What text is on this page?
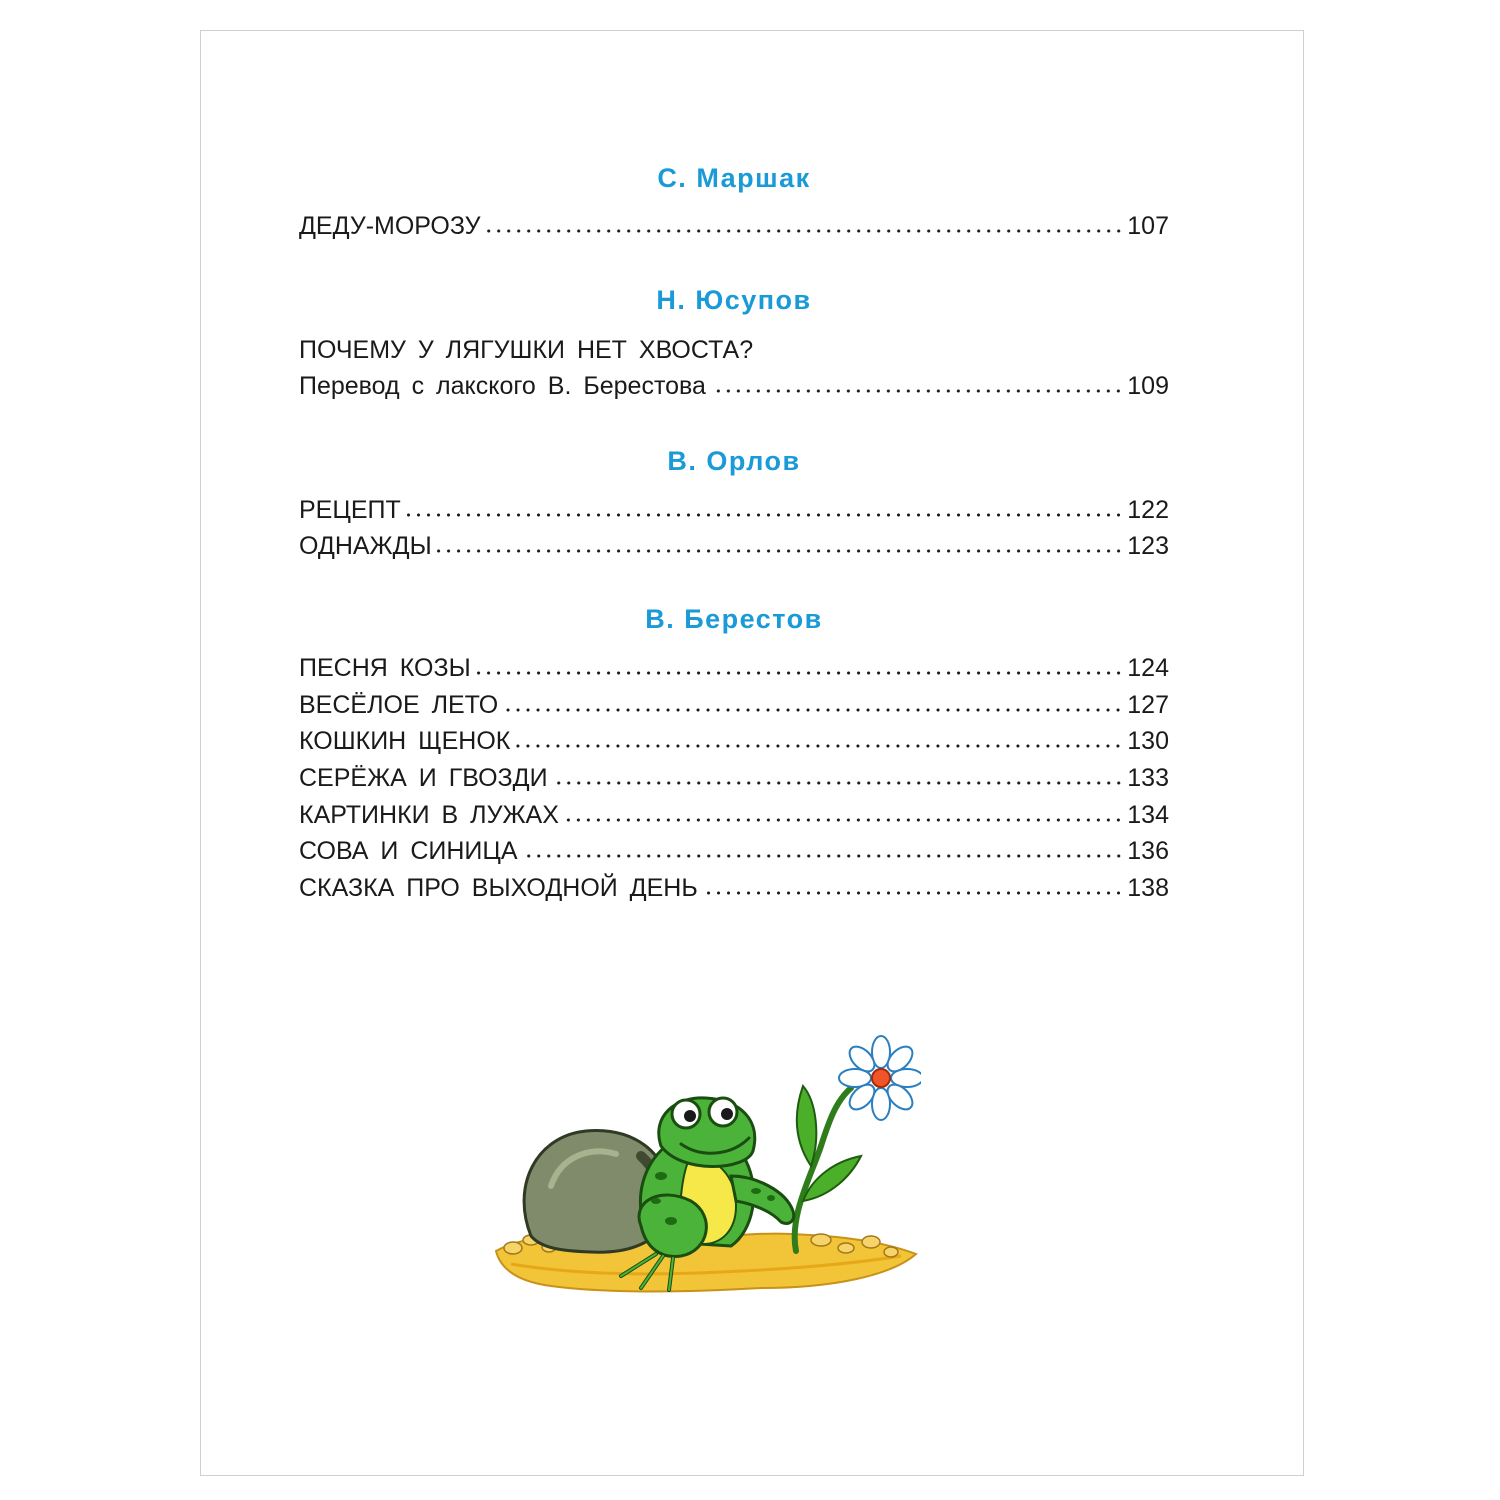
С. Маршак
ДЕДУ-МОРОЗУ	107
Н. Юсупов
ПОЧЕМУ У ЛЯГУШКИ НЕТ ХВОСТА?
Перевод с лакского В. Берестова	109
В. Орлов
РЕЦЕПТ	122
ОДНАЖДЫ	123
В. Берестов
ПЕСНЯ КОЗЫ	124
ВЕСЁЛОЕ ЛЕТО	127
КОШКИН ЩЕНОК	130
СЕРЁЖА И ГВОЗДИ	133
КАРТИНКИ В ЛУЖАХ	134
СОВА И СИНИЦА	136
СКАЗКА ПРО ВЫХОДНОЙ ДЕНЬ	138
